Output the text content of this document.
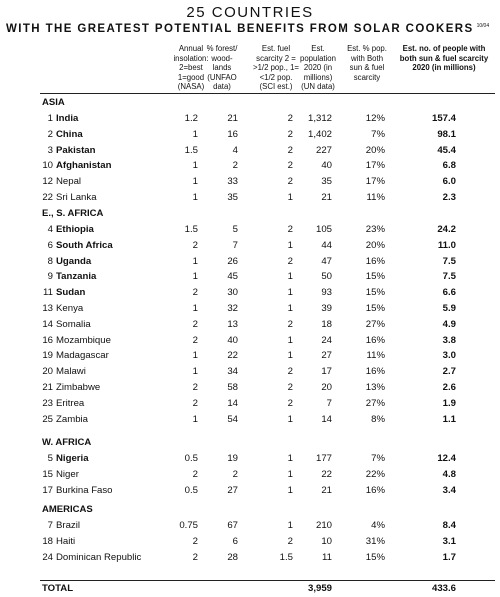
25 COUNTRIES
WITH THE GREATEST POTENTIAL BENEFITS FROM SOLAR COOKERS $^{10/04}$
Annual insolation: 2=best 1=good (NASA)
% forest/ wood- lands (UNFAO data)
Est. fuel scarcity 2 = >1/2 pop., 1=<1/2 pop. (SCI est.)
Est. population 2020 (in millions) (UN data)
Est. % pop. with Both sun & fuel scarcity
Est. no. of people with both sun & fuel scarcity 2020 (in millions)
ASIA
1 India	1.2	21	2 1,312	12%	157.4
2 China	1	16	2 1,402	7%	98.1
3 Pakistan	1.5	4	2 227	20%	45.4
10 Afghanistan	1	2	2	40	17%	6.8
12 Nepal	1	33	2	35	17%	6.0
22 Sri Lanka	1	35	1	21	11%	2.3
E., S. AFRICA
4 Ethiopia	1.5	5	2 105	23%	24.2
6 South Africa	2	7	1	44	20%	11.0
8 Uganda	1	26	2	47	16%	7.5
9 Tanzania	1	45	1	50	15%	7.5
11 Sudan	2	30	1	93	15%	6.6
13 Kenya	1	32	1	39	15%	5.9
14 Somalia	2	13	2	18	27%	4.9
16 Mozambique	2	40	1	24	16%	3.8
19 Madagascar	1	22	1	27	11%	3.0
20 Malawi	1	34	2	17	16%	2.7
21 Zimbabwe	2	58	2	20	13%	2.6
23 Eritrea	2	14	2	7	27%	1.9
25 Zambia	1	54	1	14	8%	1.1
W. AFRICA
5 Nigeria	0.5	19	1 177	7%	12.4
15 Niger	2	2	1	22	22%	4.8
17 Burkina Faso	0.5	27	1	21	16%	3.4
AMERICAS
7 Brazil	0.75	67	1 210	4%	8.4
18 Haiti	2	6	2	10	31%	3.1
24 Dominican Republic	2	28	1.5	11	15%	1.7
TOTAL	3,959	433.6
